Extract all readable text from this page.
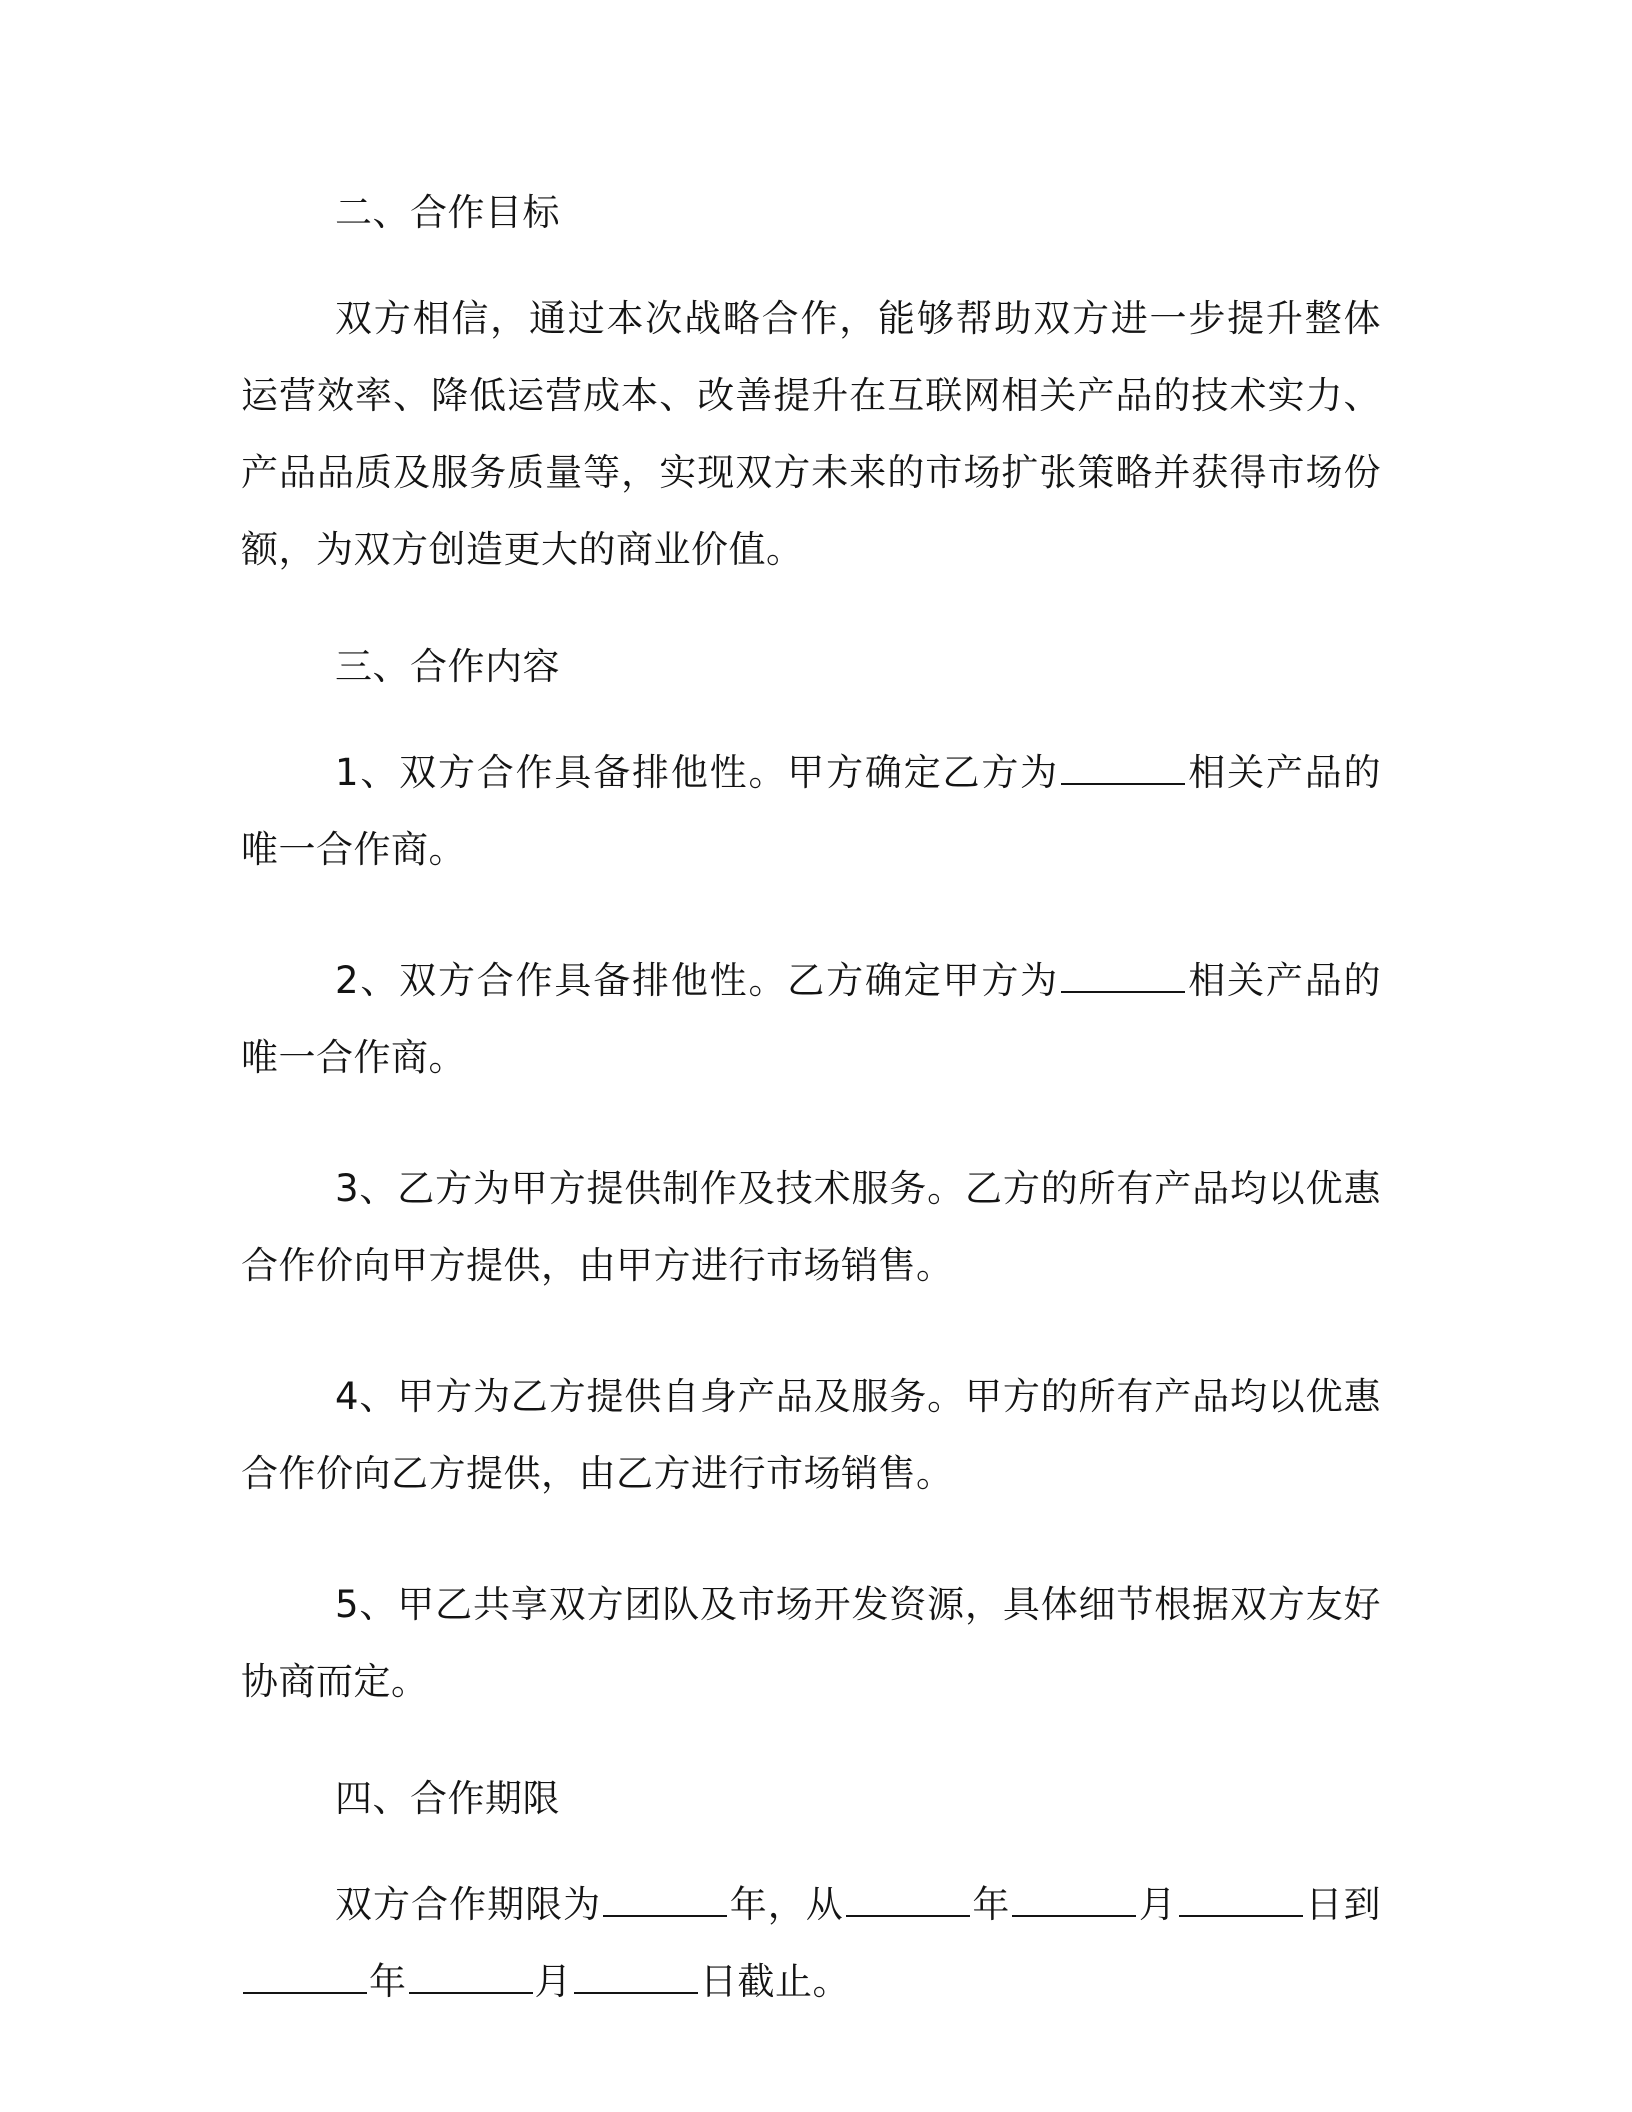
二、合作目标

双方相信，通过本次战略合作，能够帮助双方进一步提升整体运营效率、降低运营成本、改善提升在互联网相关产品的技术实力、产品品质及服务质量等，实现双方未来的市场扩张策略并获得市场份额，为双方创造更大的商业价值。

三、合作内容

1、双方合作具备排他性。甲方确定乙方为	相关产品的唯一合作商。

2、双方合作具备排他性。乙方确定甲方为	相关产品的唯一合作商。

3、乙方为甲方提供制作及技术服务。乙方的所有产品均以优惠合作价向甲方提供，由甲方进行市场销售。

4、甲方为乙方提供自身产品及服务。甲方的所有产品均以优惠合作价向乙方提供，由乙方进行市场销售。

5、甲乙共享双方团队及市场开发资源，具体细节根据双方友好协商而定。

四、合作期限

双方合作期限为	年，从	年	月	日到年	月	日截止。
